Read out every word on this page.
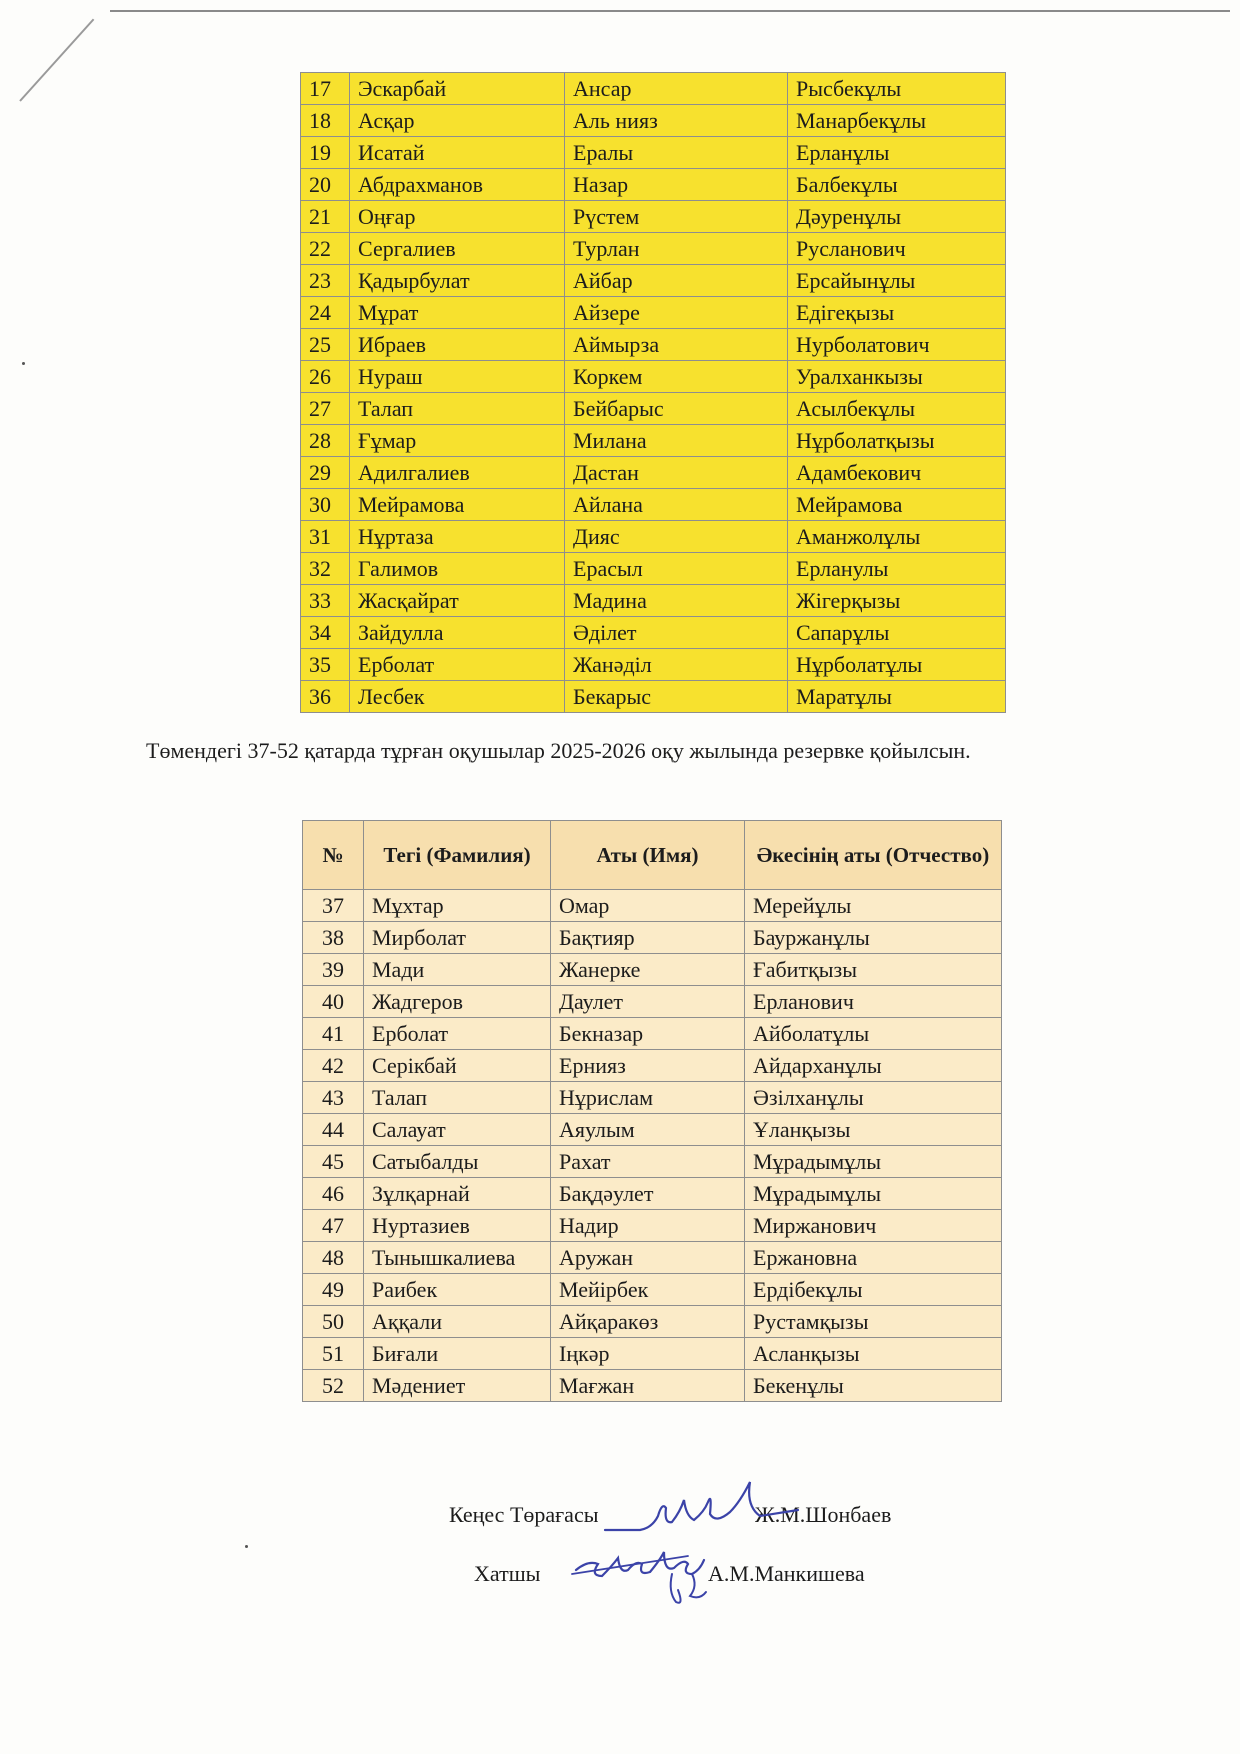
17	Эскарбай	Ансар	Рысбекұлы
18	Асқар	Аль нияз	Манарбекұлы
19	Исатай	Ералы	Ерланұлы
20	Абдрахманов	Назар	Балбекұлы
21	Оңғар	Рүстем	Дәуренұлы
22	Сергалиев	Турлан	Русланович
23	Қадырбулат	Айбар	Ерсайынұлы
24	Мұрат	Айзере	Едігеқызы
25	Ибраев	Аймырза	Нурболатович
26	Нураш	Коркем	Уралханкызы
27	Талап	Бейбарыс	Асылбекұлы
28	Ғұмар	Милана	Нұрболатқызы
29	Адилгалиев	Дастан	Адамбекович
30	Мейрамова	Айлана	Мейрамова
31	Нұртаза	Дияс	Аманжолұлы
32	Галимов	Ерасыл	Ерланулы
33	Жасқайрат	Мадина	Жігерқызы
34	Зайдулла	Әділет	Сапарұлы
35	Ерболат	Жанәділ	Нұрболатұлы
36	Лесбек	Бекарыс	Маратұлы
Төмендегі 37-52 қатарда тұрған оқушылар 2025-2026 оқу жылында резервке қойылсын.
№	Тегі (Фамилия)	Аты (Имя)	Әкесінің аты (Отчество)
37	Мұхтар	Омар	Мерейұлы
38	Мирболат	Бақтияр	Бауржанұлы
39	Мади	Жанерке	Ғабитқызы
40	Жадгеров	Даулет	Ерланович
41	Ерболат	Бекназар	Айболатұлы
42	Серікбай	Ернияз	Айдарханұлы
43	Талап	Нұрислам	Әзілханұлы
44	Салауат	Аяулым	Ұланқызы
45	Сатыбалды	Рахат	Мұрадымұлы
46	Зұлқарнай	Бақдәулет	Мұрадымұлы
47	Нуртазиев	Надир	Миржанович
48	Тынышкалиева	Аружан	Ержановна
49	Раибек	Мейірбек	Ердібекұлы
50	Аққали	Айқаракөз	Рустамқызы
51	Биғали	Іңкәр	Асланқызы
52	Мәдениет	Мағжан	Бекенұлы
Кеңес Төрағасы	Ж.М.Шонбаев
Хатшы	А.М.Манкишева
